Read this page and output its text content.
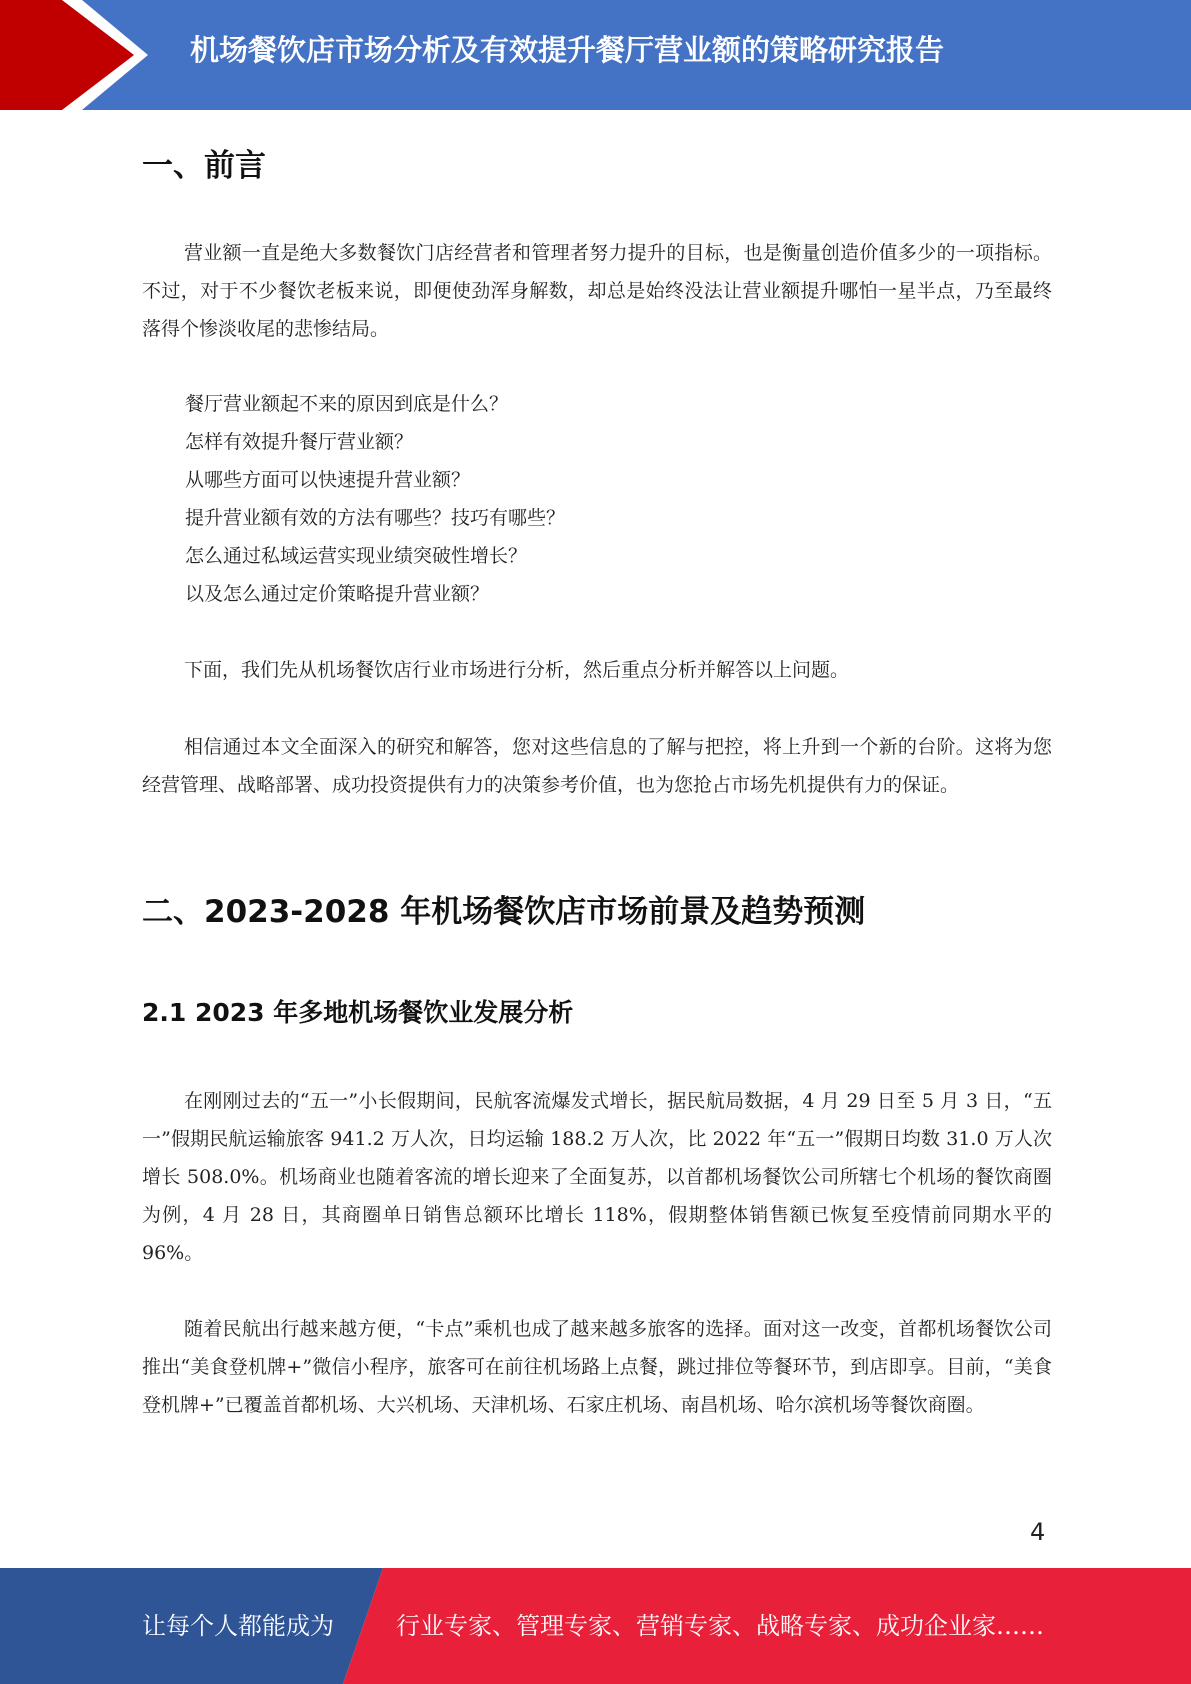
机场餐饮店市场分析及有效提升餐厅营业额的策略研究报告
一、前言
营业额一直是绝大多数餐饮门店经营者和管理者努力提升的目标，也是衡量创造价值多少的一项指标。不过，对于不少餐饮老板来说，即便使劲浑身解数，却总是始终没法让营业额提升哪怕一星半点，乃至最终落得个惨淡收尾的悲惨结局。
餐厅营业额起不来的原因到底是什么？
怎样有效提升餐厅营业额？
从哪些方面可以快速提升营业额？
提升营业额有效的方法有哪些？技巧有哪些？
怎么通过私域运营实现业绩突破性增长？
以及怎么通过定价策略提升营业额？
下面，我们先从机场餐饮店行业市场进行分析，然后重点分析并解答以上问题。
相信通过本文全面深入的研究和解答，您对这些信息的了解与把控，将上升到一个新的台阶。这将为您经营管理、战略部署、成功投资提供有力的决策参考价值，也为您抢占市场先机提供有力的保证。
二、2023-2028 年机场餐饮店市场前景及趋势预测
2.1 2023 年多地机场餐饮业发展分析
在刚刚过去的“五一”小长假期间，民航客流爆发式增长，据民航局数据，4 月 29 日至 5 月 3 日，“五一”假期民航运输旅客 941.2 万人次，日均运输 188.2 万人次，比 2022 年“五一”假期日均数 31.0 万人次增长 508.0%。机场商业也随着客流的增长迎来了全面复苏，以首都机场餐饮公司所辖七个机场的餐饮商圈为例，4 月 28 日，其商圈单日销售总额环比增长 118%，假期整体销售额已恢复至疫情前同期水平的 96%。
随着民航出行越来越方便，“卡点”乘机也成了越来越多旅客的选择。面对这一改变，首都机场餐饮公司推出“美食登机牌+”微信小程序，旅客可在前往机场路上点餐，跳过排位等餐环节，到店即享。目前，“美食登机牌+”已覆盖首都机场、大兴机场、天津机场、石家庄机场、南昌机场、哈尔滨机场等餐饮商圈。
4
让每个人都能成为	行业专家、管理专家、营销专家、战略专家、成功企业家……
